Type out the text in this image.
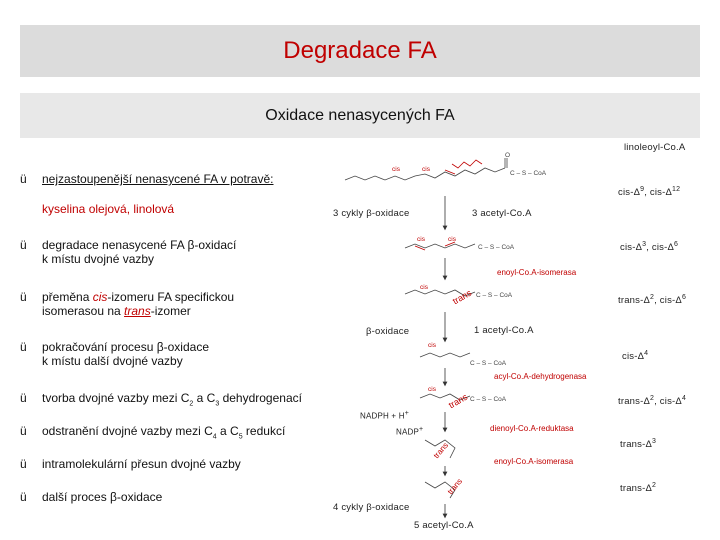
Degradace FA
Oxidace nenasycených FA
ü	nejzastoupenější nenasycené FA v potravě:
kyselina olejová, linolová
ü	degradace nenasycené FA β-oxidací
k místu dvojné vazby
ü	přeměna cis-izomeru FA specifickou
isomerasou na trans-izomer
ü	pokračování procesu β-oxidace
k místu další dvojné vazby
ü	tvorba dvojné vazby mezi $C_2$ a $C_3$ dehydrogenací
ü	odstranění dvojné vazby mezi $C_4$ a $C_5$ redukcí
ü	intramolekulární přesun dvojné vazby
ü	další proces β-oxidace
linoleoyl-Co.A
cis-$\Delta^9$, cis-$\Delta^{12}$
3 cykly β-oxidace	3 acetyl-Co.A
cis-$\Delta^3$, cis-$\Delta^6$
enoyl-Co.A-isomerasa
trans-$\Delta^2$, cis-$\Delta^6$
β-oxidace	1 acetyl-Co.A
cis-$\Delta^4$
acyl-Co.A-dehydrogenasa
trans-$\Delta^2$, cis-$\Delta^4$
NADPH + H+
NADP+	dienoyl-Co.A-reduktasa
trans-$\Delta^3$
enoyl-Co.A-isomerasa
trans-$\Delta^2$
4 cykly β-oxidace
5 acetyl-Co.A
cis	cis
O
C – S – CoA
cis	cis
C – S – CoA
cis
trans C – S – CoA
cis
C – S – CoA
cis
trans C – S – CoA
trans
trans
